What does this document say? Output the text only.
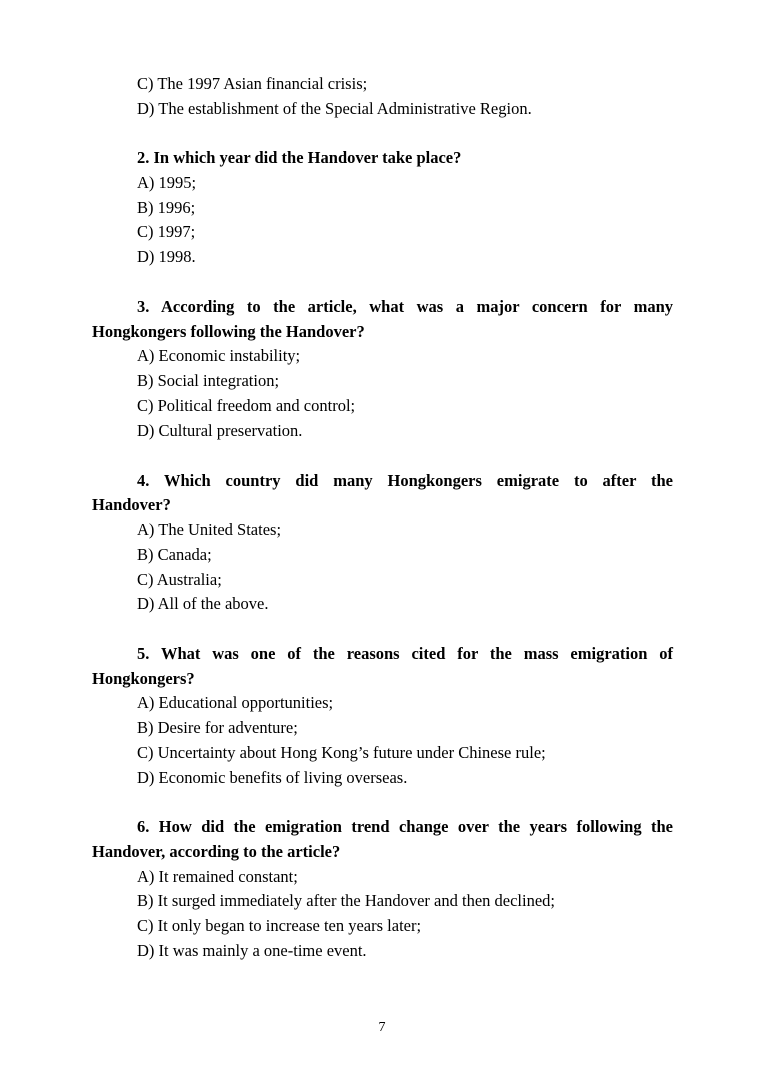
C) The 1997 Asian financial crisis;
D) The establishment of the Special Administrative Region.
2. In which year did the Handover take place?
A) 1995;
B) 1996;
C) 1997;
D) 1998.
3. According to the article, what was a major concern for many
Hongkongers following the Handover?
A) Economic instability;
B) Social integration;
C) Political freedom and control;
D) Cultural preservation.
4. Which country did many Hongkongers emigrate to after the
Handover?
A) The United States;
B) Canada;
C) Australia;
D) All of the above.
5. What was one of the reasons cited for the mass emigration of
Hongkongers?
A) Educational opportunities;
B) Desire for adventure;
C) Uncertainty about Hong Kong’s future under Chinese rule;
D) Economic benefits of living overseas.
6. How did the emigration trend change over the years following the
Handover, according to the article?
A) It remained constant;
B) It surged immediately after the Handover and then declined;
C) It only began to increase ten years later;
D) It was mainly a one-time event.
7
